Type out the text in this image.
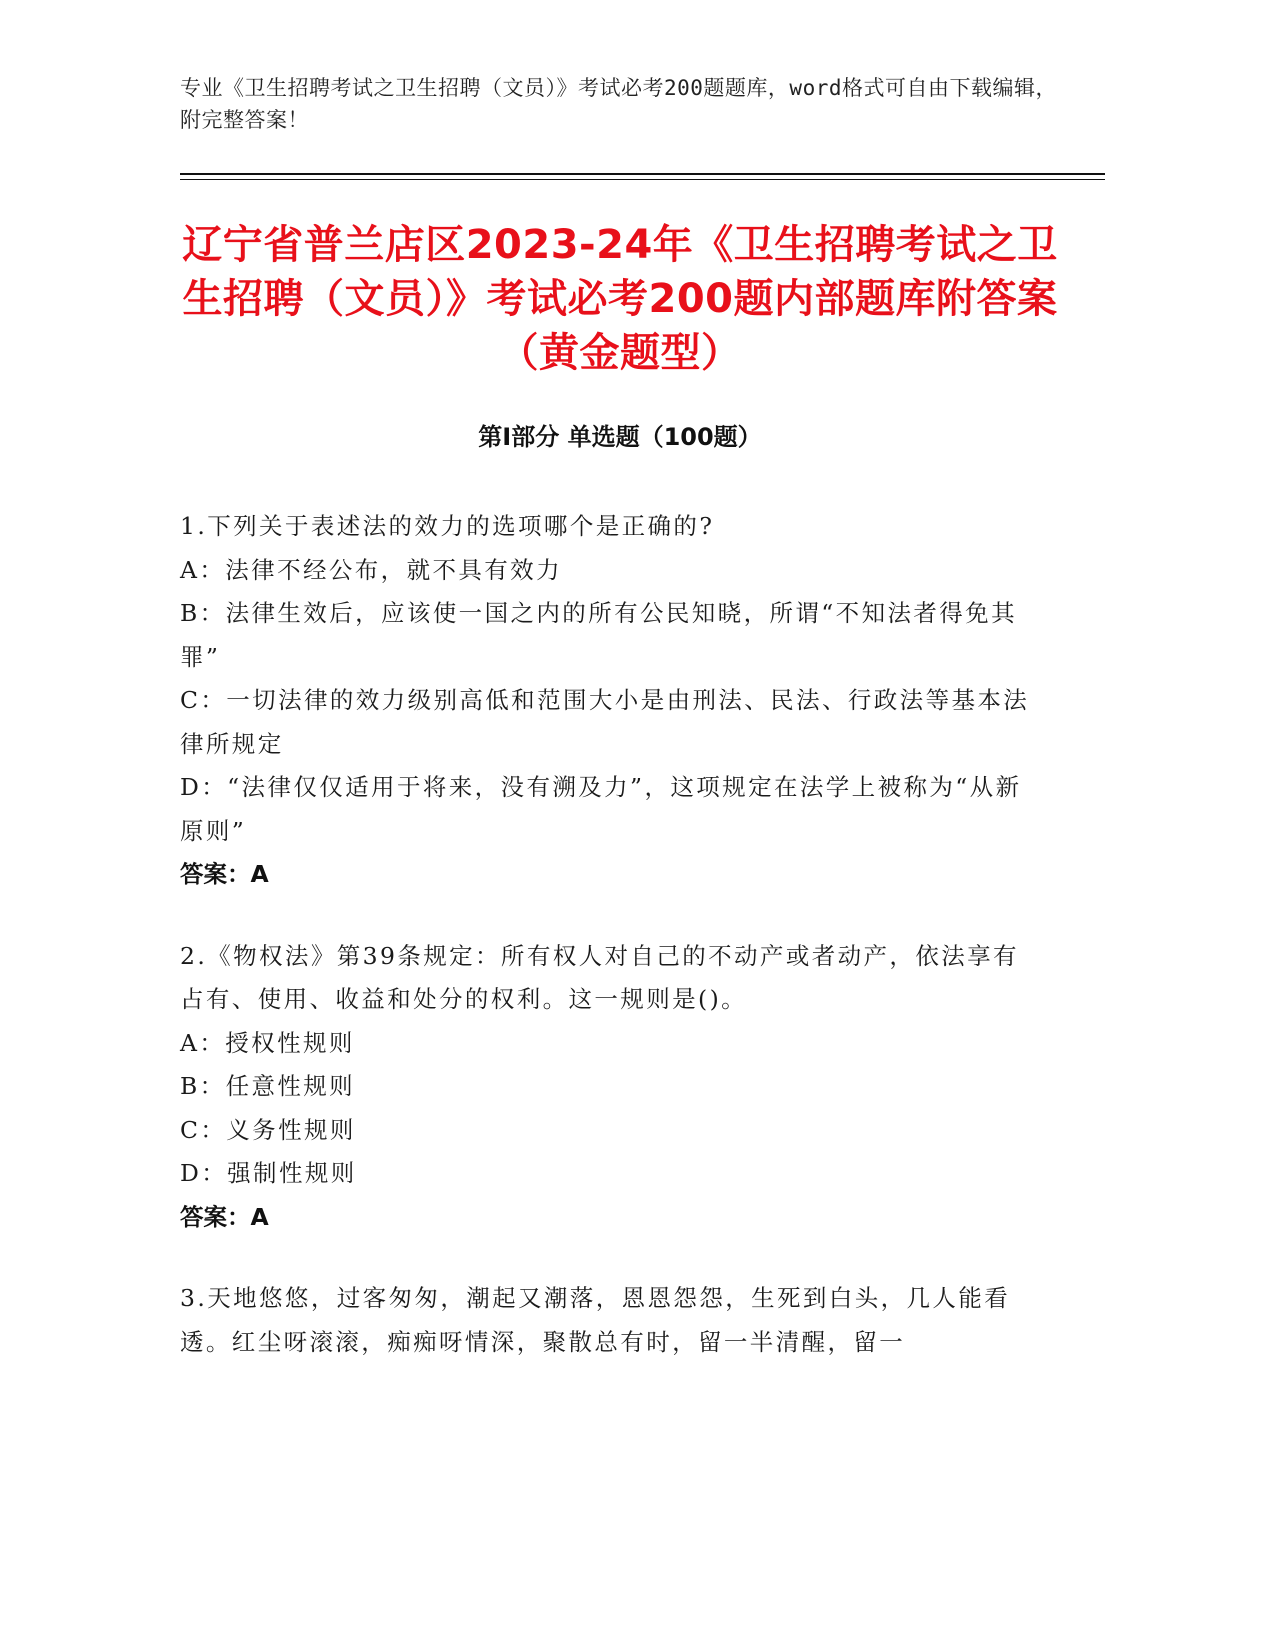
专业《卫生招聘考试之卫生招聘（文员）》考试必考200题题库，word格式可自由下载编辑，附完整答案！
辽宁省普兰店区2023-24年《卫生招聘考试之卫生招聘（文员）》考试必考200题内部题库附答案（黄金题型）
第I部分 单选题（100题）
1.下列关于表述法的效力的选项哪个是正确的?
A：法律不经公布，就不具有效力
B：法律生效后，应该使一国之内的所有公民知晓，所谓“不知法者得免其罪”
C：一切法律的效力级别高低和范围大小是由刑法、民法、行政法等基本法律所规定
D：“法律仅仅适用于将来，没有溯及力”，这项规定在法学上被称为“从新原则”
答案：A
2.《物权法》第39条规定：所有权人对自己的不动产或者动产，依法享有占有、使用、收益和处分的权利。这一规则是()。
A：授权性规则
B：任意性规则
C：义务性规则
D：强制性规则
答案：A
3.天地悠悠，过客匆匆，潮起又潮落，恩恩怨怨，生死到白头，几人能看透。红尘呀滚滚，痴痴呀情深，聚散总有时，留一半清醒，留一
